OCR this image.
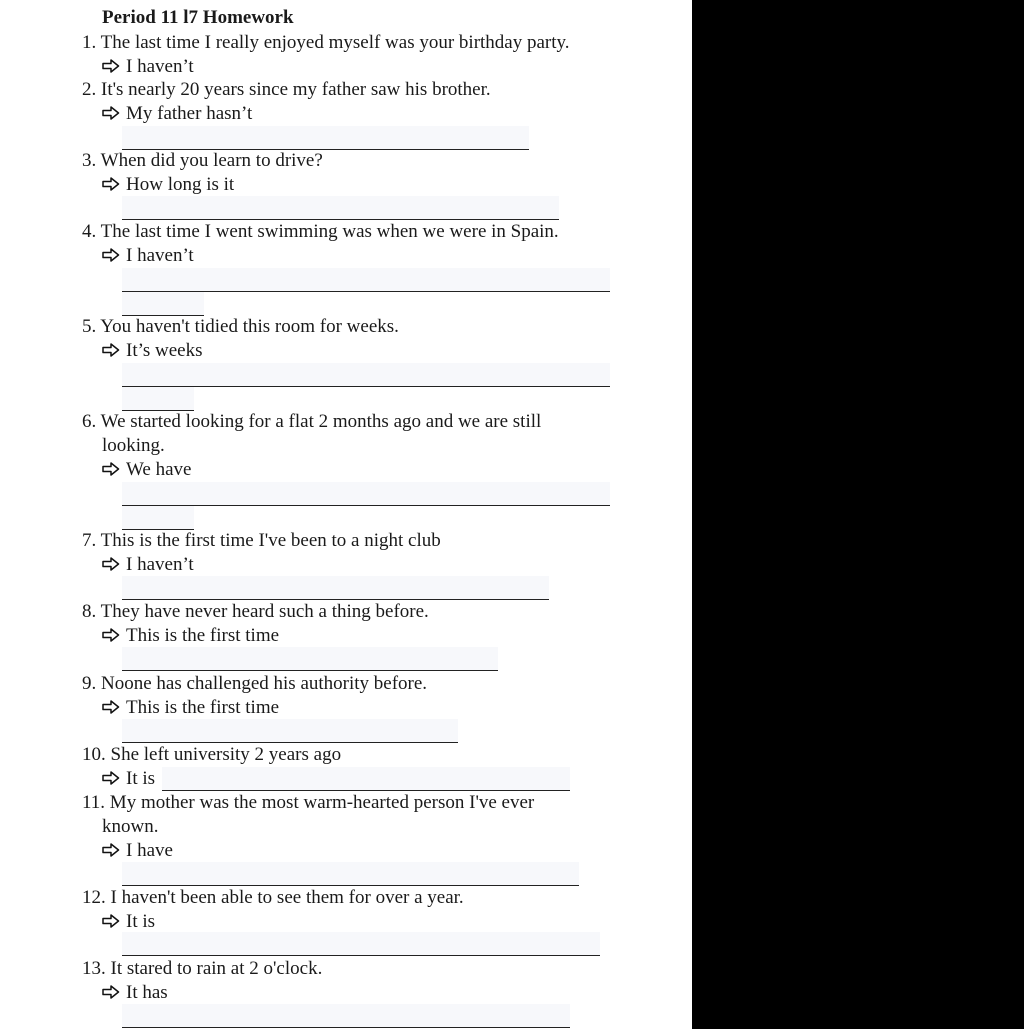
Period 11 l7 Homework
1. The last time I really enjoyed myself was your birthday party.
I haven’t
2. It's nearly 20 years since my father saw his brother.
My father hasn’t
3. When did you learn to drive?
How long is it
4. The last time I went swimming was when we were in Spain.
I haven’t
5. You haven't tidied this room for weeks.
It’s weeks
6. We started looking for a flat 2 months ago and we are still
looking.
We have
7. This is the first time I've been to a night club
I haven’t
8. They have never heard such a thing before.
This is the first time
9. Noone has challenged his authority before.
This is the first time
10. She left university 2 years ago
It is
11. My mother was the most warm-hearted person I've ever
known.
I have
12. I haven't been able to see them for over a year.
It is
13. It stared to rain at 2 o'clock.
It has
